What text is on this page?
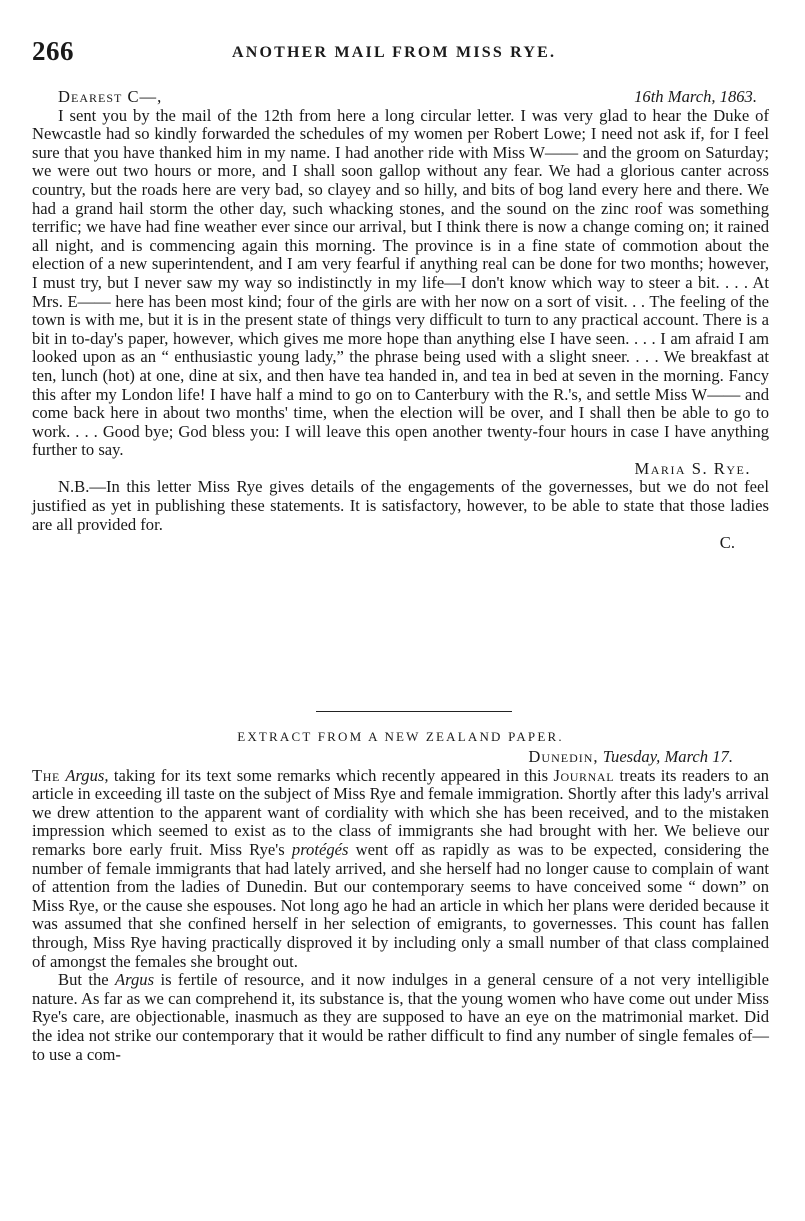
266	ANOTHER MAIL FROM MISS RYE.
Dearest C—,	16th March, 1863.

I sent you by the mail of the 12th from here a long circular letter. I was very glad to hear the Duke of Newcastle had so kindly forwarded the schedules of my women per Robert Lowe; I need not ask if, for I feel sure that you have thanked him in my name. I had another ride with Miss W—— and the groom on Saturday; we were out two hours or more, and I shall soon gallop without any fear. We had a glorious canter across country, but the roads here are very bad, so clayey and so hilly, and bits of bog land every here and there. We had a grand hail storm the other day, such whacking stones, and the sound on the zinc roof was something terrific; we have had fine weather ever since our arrival, but I think there is now a change coming on; it rained all night, and is commencing again this morning. The province is in a fine state of commotion about the election of a new superintendent, and I am very fearful if anything real can be done for two months; however, I must try, but I never saw my way so indistinctly in my life—I don't know which way to steer a bit. . . . At Mrs. E—— here has been most kind; four of the girls are with her now on a sort of visit. . . The feeling of the town is with me, but it is in the present state of things very difficult to turn to any practical account. There is a bit in to-day's paper, however, which gives me more hope than anything else I have seen. . . . I am afraid I am looked upon as an “ enthusiastic young lady,” the phrase being used with a slight sneer. . . . We breakfast at ten, lunch (hot) at one, dine at six, and then have tea handed in, and tea in bed at seven in the morning. Fancy this after my London life! I have half a mind to go on to Canterbury with the R.'s, and settle Miss W—— and come back here in about two months' time, when the election will be over, and I shall then be able to go to work. . . . Good bye; God bless you: I will leave this open another twenty-four hours in case I have anything further to say.

Maria S. Rye.

N.B.—In this letter Miss Rye gives details of the engagements of the governesses, but we do not feel justified as yet in publishing these statements. It is satisfactory, however, to be able to state that those ladies are all provided for.

C.
EXTRACT FROM A NEW ZEALAND PAPER.
Dunedin, Tuesday, March 17.

The Argus, taking for its text some remarks which recently appeared in this Journal treats its readers to an article in exceeding ill taste on the subject of Miss Rye and female immigration. Shortly after this lady's arrival we drew attention to the apparent want of cordiality with which she has been received, and to the mistaken impression which seemed to exist as to the class of immigrants she had brought with her. We believe our remarks bore early fruit. Miss Rye's protégés went off as rapidly as was to be expected, considering the number of female immigrants that had lately arrived, and she herself had no longer cause to complain of want of attention from the ladies of Dunedin. But our contemporary seems to have conceived some “ down” on Miss Rye, or the cause she espouses. Not long ago he had an article in which her plans were derided because it was assumed that she confined herself in her selection of emigrants, to governesses. This count has fallen through, Miss Rye having practically disproved it by including only a small number of that class complained of amongst the females she brought out.

But the Argus is fertile of resource, and it now indulges in a general censure of a not very intelligible nature. As far as we can comprehend it, its substance is, that the young women who have come out under Miss Rye's care, are objectionable, inasmuch as they are supposed to have an eye on the matrimonial market. Did the idea not strike our contemporary that it would be rather difficult to find any number of single females of—to use a com-
